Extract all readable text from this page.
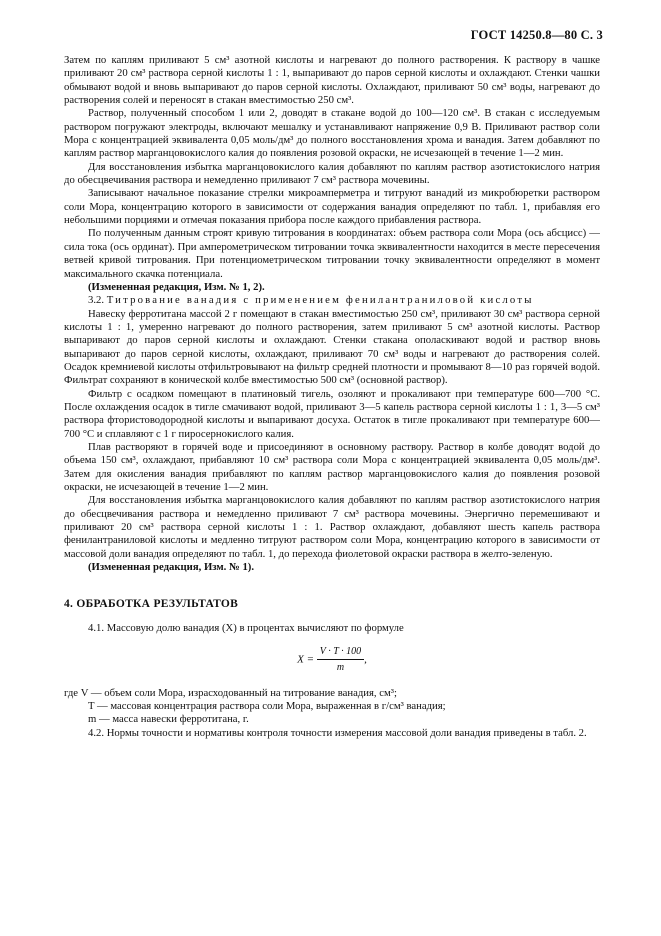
ГОСТ 14250.8—80 С. 3

Затем по каплям приливают 5 см³ азотной кислоты и нагревают до полного растворения. К раствору в чашке приливают 20 см³ раствора серной кислоты 1 : 1, выпаривают до паров серной кислоты и охлаждают. Стенки чашки обмывают водой и вновь выпаривают до паров серной кислоты. Охлаждают, приливают 50 см³ воды, нагревают до растворения солей и переносят в стакан вместимостью 250 см³.

Раствор, полученный способом 1 или 2, доводят в стакане водой до 100—120 см³. В стакан с исследуемым раствором погружают электроды, включают мешалку и устанавливают напряжение 0,9 В. Приливают раствор соли Мора с концентрацией эквивалента 0,05 моль/дм³ до полного восстановления хрома и ванадия. Затем добавляют по каплям раствор марганцовокислого калия до появления розовой окраски, не исчезающей в течение 1—2 мин.

Для восстановления избытка марганцовокислого калия добавляют по каплям раствор азотистокислого натрия до обесцвечивания раствора и немедленно приливают 7 см³ раствора мочевины.

Записывают начальное показание стрелки микроамперметра и титруют ванадий из микробюретки раствором соли Мора, концентрацию которого в зависимости от содержания ванадия определяют по табл. 1, прибавляя его небольшими порциями и отмечая показания прибора после каждого прибавления раствора.

По полученным данным строят кривую титрования в координатах: объем раствора соли Мора (ось абсцисс) — сила тока (ось ординат). При амперометрическом титровании точка эквивалентности находится в месте пересечения ветвей кривой титрования. При потенциометрическом титровании точку эквивалентности определяют в момент максимального скачка потенциала.

(Измененная редакция, Изм. № 1, 2).

3.2. Титрование ванадия с применением фенилантраниловой кислоты

Навеску ферротитана массой 2 г помещают в стакан вместимостью 250 см³, приливают 30 см³ раствора серной кислоты 1 : 1, умеренно нагревают до полного растворения, затем приливают 5 см³ азотной кислоты. Раствор выпаривают до паров серной кислоты и охлаждают. Стенки стакана ополаскивают водой и раствор вновь выпаривают до паров серной кислоты, охлаждают, приливают 70 см³ воды и нагревают до растворения солей. Осадок кремниевой кислоты отфильтровывают на фильтр средней плотности и промывают 8—10 раз горячей водой. Фильтрат сохраняют в конической колбе вместимостью 500 см³ (основной раствор).

Фильтр с осадком помещают в платиновый тигель, озоляют и прокаливают при температуре 600—700 °С. После охлаждения осадок в тигле смачивают водой, приливают 3—5 капель раствора серной кислоты 1 : 1, 3—5 см³ раствора фтористоводородной кислоты и выпаривают досуха. Остаток в тигле прокаливают при температуре 600—700 °С и сплавляют с 1 г пиросернокислого калия.

Плав растворяют в горячей воде и присоединяют в основному раствору. Раствор в колбе доводят водой до объема 150 см³, охлаждают, прибавляют 10 см³ раствора соли Мора с концентрацией эквивалента 0,05 моль/дм³. Затем для окисления ванадия прибавляют по каплям раствор марганцовокислого калия до появления розовой окраски, не исчезающей в течение 1—2 мин.

Для восстановления избытка марганцовокислого калия добавляют по каплям раствор азотистокислого натрия до обесцвечивания раствора и немедленно приливают 7 см³ раствора мочевины. Энергично перемешивают и приливают 20 см³ раствора серной кислоты 1 : 1. Раствор охлаждают, добавляют шесть капель раствора фенилантраниловой кислоты и медленно титруют раствором соли Мора, концентрацию которого в зависимости от массовой доли ванадия определяют по табл. 1, до перехода фиолетовой окраски раствора в желто-зеленую.

(Измененная редакция, Изм. № 1).

4. ОБРАБОТКА РЕЗУЛЬТАТОВ

4.1. Массовую долю ванадия (X) в процентах вычисляют по формуле

$X = \frac{V \cdot T \cdot 100}{m}$ ,

где V — объем соли Мора, израсходованный на титрование ванадия, см³;

T — массовая концентрация раствора соли Мора, выраженная в г/см³ ванадия;

m — масса навески ферротитана, г.

4.2. Нормы точности и нормативы контроля точности измерения массовой доли ванадия приведены в табл. 2.
